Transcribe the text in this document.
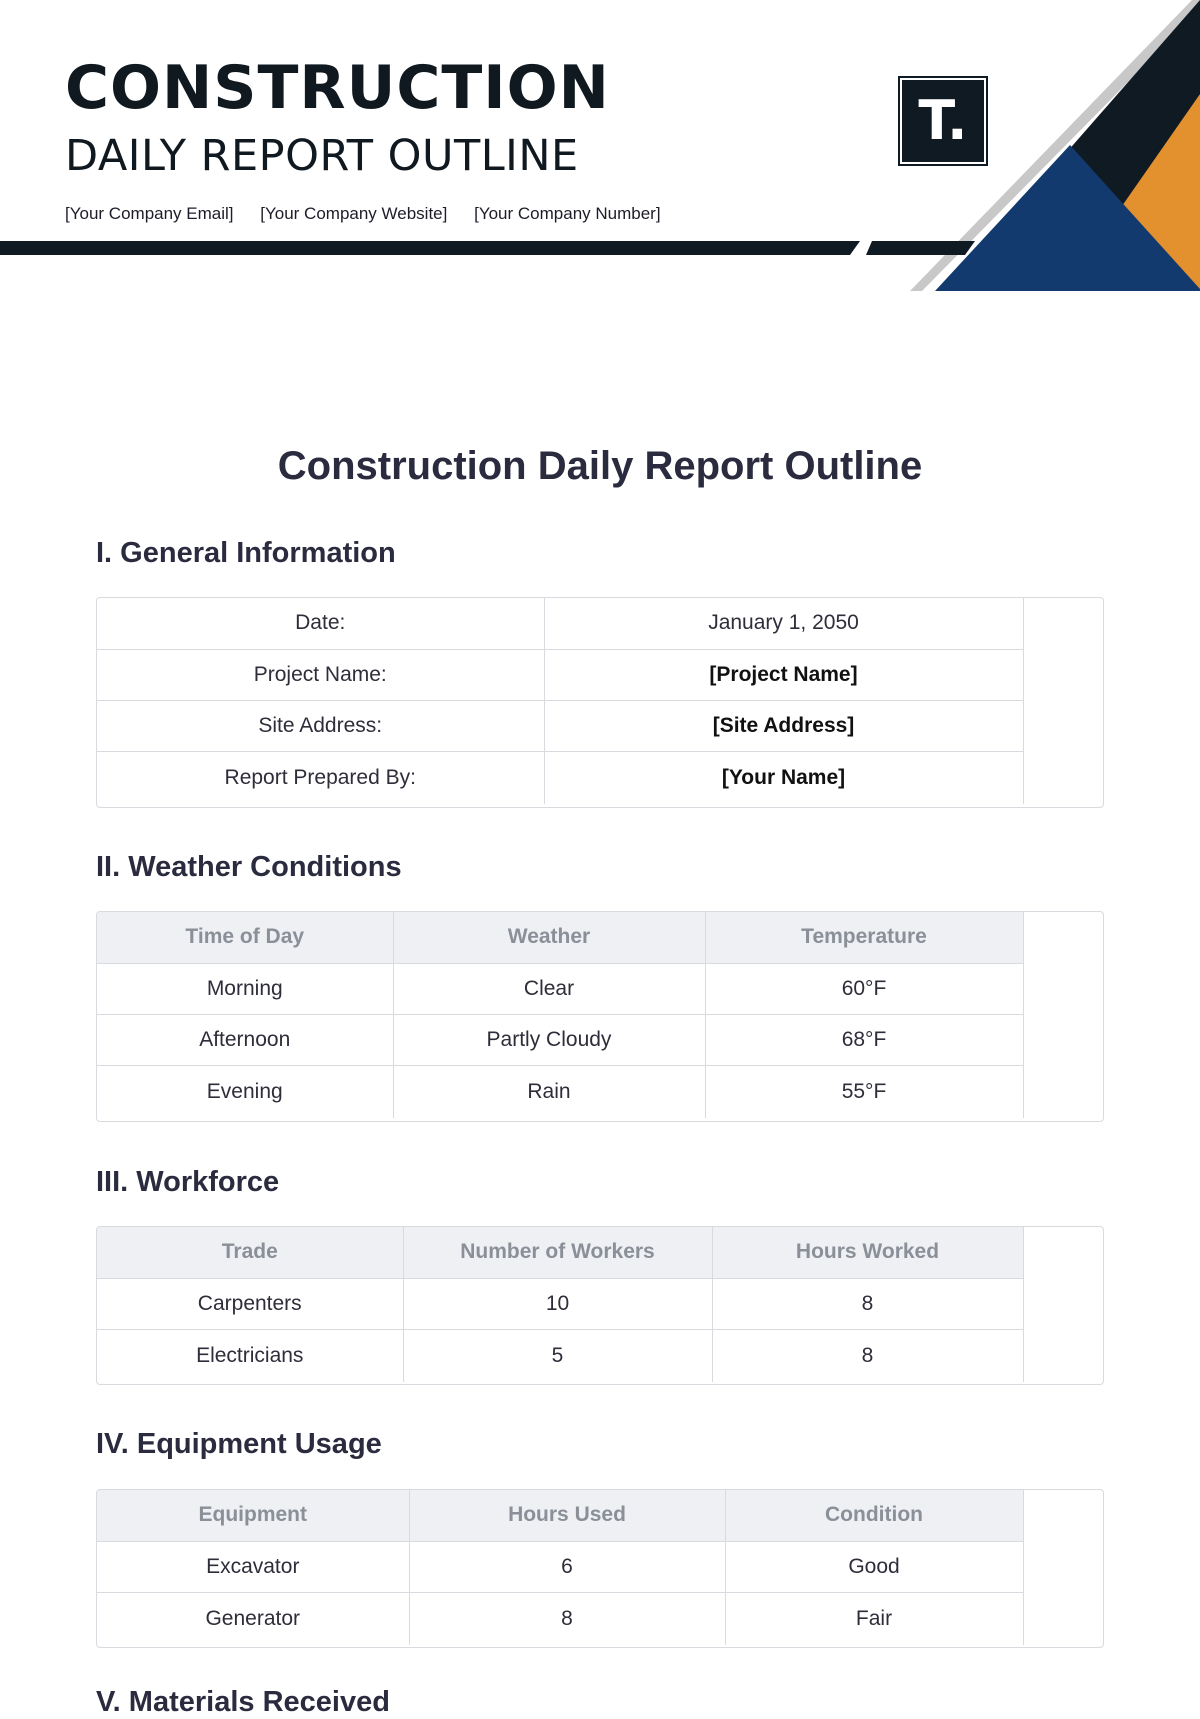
CONSTRUCTION
DAILY REPORT OUTLINE
[Your Company Email] [Your Company Website] [Your Company Number]
T.
Construction Daily Report Outline
I. General Information
Date:	January 1, 2050
Project Name:	[Project Name]
Site Address:	[Site Address]
Report Prepared By:	[Your Name]
II. Weather Conditions
Time of Day	Weather	Temperature
Morning	Clear	60°F
Afternoon	Partly Cloudy	68°F
Evening	Rain	55°F
III. Workforce
Trade	Number of Workers	Hours Worked
Carpenters	10	8
Electricians	5	8
IV. Equipment Usage
Equipment	Hours Used	Condition
Excavator	6	Good
Generator	8	Fair
V. Materials Received
